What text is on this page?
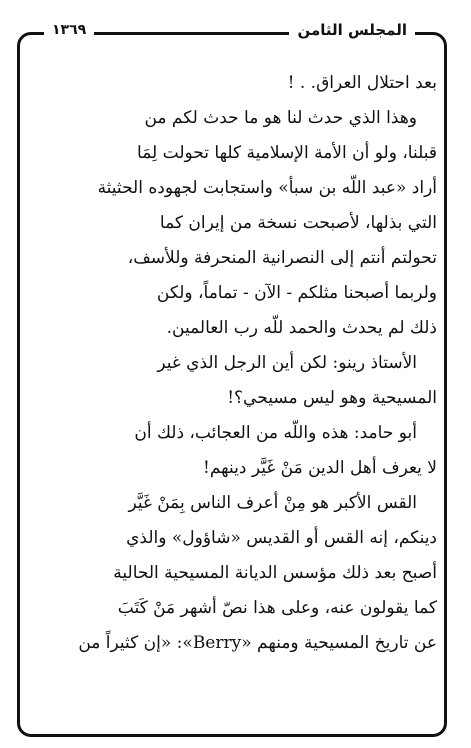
المجلس الثامن
١٣٦٩
بعد احتلال العراق. . !
وهذا الذي حدث لنا هو ما حدث لكم من
قبلنا، ولو أن الأمة الإسلامية كلها تحولت لِمَا
أراد «عبد اللّه بن سبأ» واستجابت لجهوده الحثيثة
التي بذلها، لأصبحت نسخة من إيران كما
تحولتم أنتم إلى النصرانية المنحرفة وللأسف،
ولربما أصبحنا مثلكم - الآن - تماماً، ولكن
ذلك لم يحدث والحمد للّه رب العالمين.
الأستاذ رينو: لكن أين الرجل الذي غير
المسيحية وهو ليس مسيحي؟!
أبو حامد: هذه واللّه من العجائب، ذلك أن
لا يعرف أهل الدين مَنْ غَيَّر دينهم!
القس الأكبر هو مِنْ أعرف الناس بِمَنْ غَيَّر
دينكم، إنه القس أو القديس «شاؤول» والذي
أصبح بعد ذلك مؤسس الديانة المسيحية الحالية
كما يقولون عنه، وعلى هذا نصّ أشهر مَنْ كَتَبَ
عن تاريخ المسيحية ومنهم «Berry»: «إن كثيراً من
